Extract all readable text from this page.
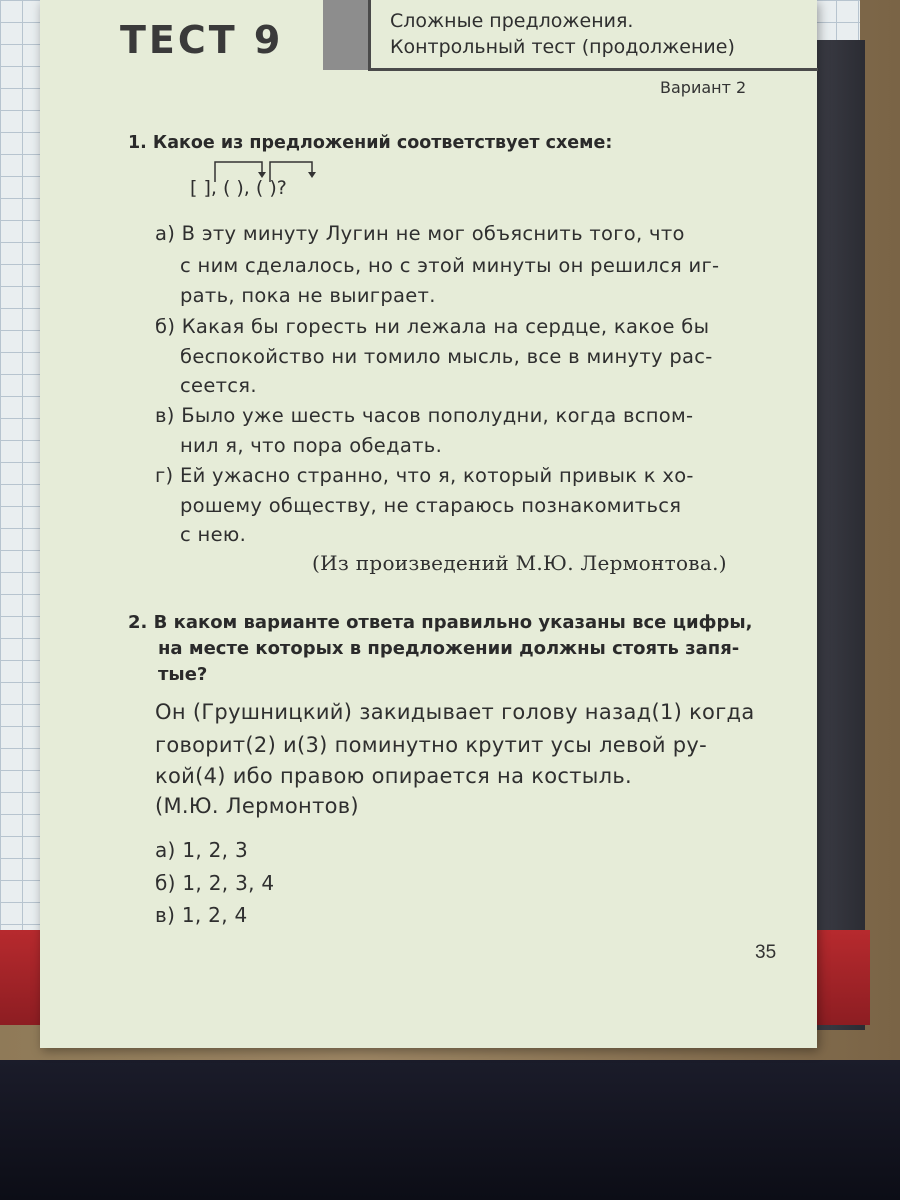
ТЕСТ 9	Сложные предложения.
Контрольный тест (продолжение)
Вариант 2
1. Какое из предложений соответствует схеме:
[ ], ( ), ( )?
а) В эту минуту Лугин не мог объяснить того, что
с ним сделалось, но с этой минуты он решился иг-
рать, пока не выиграет.
б) Какая бы горесть ни лежала на сердце, какое бы
беспокойство ни томило мысль, все в минуту рас-
сеется.
в) Было уже шесть часов пополудни, когда вспом-
нил я, что пора обедать.
г) Ей ужасно странно, что я, который привык к хо-
рошему обществу, не стараюсь познакомиться
с нею.
(Из произведений М.Ю. Лермонтова.)
2. В каком варианте ответа правильно указаны все цифры,
на месте которых в предложении должны стоять запя-
тые?
Он (Грушницкий) закидывает голову назад(1) когда
говорит(2) и(3) поминутно крутит усы левой ру-
кой(4) ибо правою опирается на костыль.
(М.Ю. Лермонтов)
а) 1, 2, 3
б) 1, 2, 3, 4
в) 1, 2, 4
35
